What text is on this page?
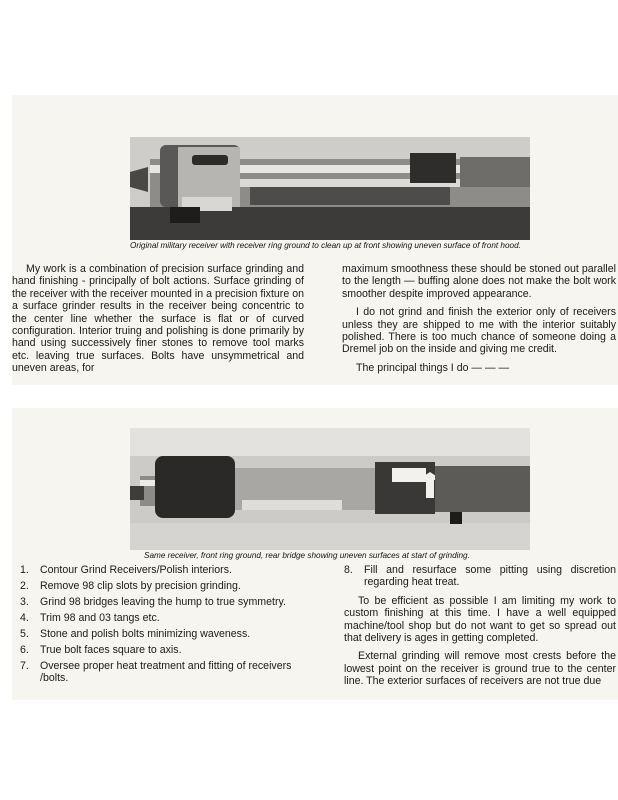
Original military receiver with receiver ring ground to clean up at front showing uneven surface of front hood.

My work is a combination of precision surface grinding and hand finishing - principally of bolt actions. Surface grinding of the receiver with the receiver mounted in a precision fixture on a surface grinder results in the receiver being concentric to the center line whether the surface is flat or of curved configuration. Interior truing and polishing is done primarily by hand using successively finer stones to remove tool marks etc. leaving true surfaces. Bolts have unsymmetrical and uneven areas, for

maximum smoothness these should be stoned out parallel to the length — buffing alone does not make the bolt work smoother despite improved appearance.

I do not grind and finish the exterior only of receivers unless they are shipped to me with the interior suitably polished. There is too much chance of someone doing a Dremel job on the inside and giving me credit.

The principal things I do — — —

Same receiver, front ring ground, rear bridge showing uneven surfaces at start of grinding.
1. Contour Grind Receivers/Polish interiors.
2. Remove 98 clip slots by precision grinding.
3. Grind 98 bridges leaving the hump to true symmetry.
4. Trim 98 and 03 tangs etc.
5. Stone and polish bolts minimizing waveness.
6. True bolt faces square to axis.
7. Oversee proper heat treatment and fitting of receivers /bolts.
8. Fill and resurface some pitting using discretion regarding heat treat.

To be efficient as possible I am limiting my work to custom finishing at this time. I have a well equipped machine/tool shop but do not want to get so spread out that delivery is ages in getting completed.

External grinding will remove most crests before the lowest point on the receiver is ground true to the center line. The exterior surfaces of receivers are not true due
